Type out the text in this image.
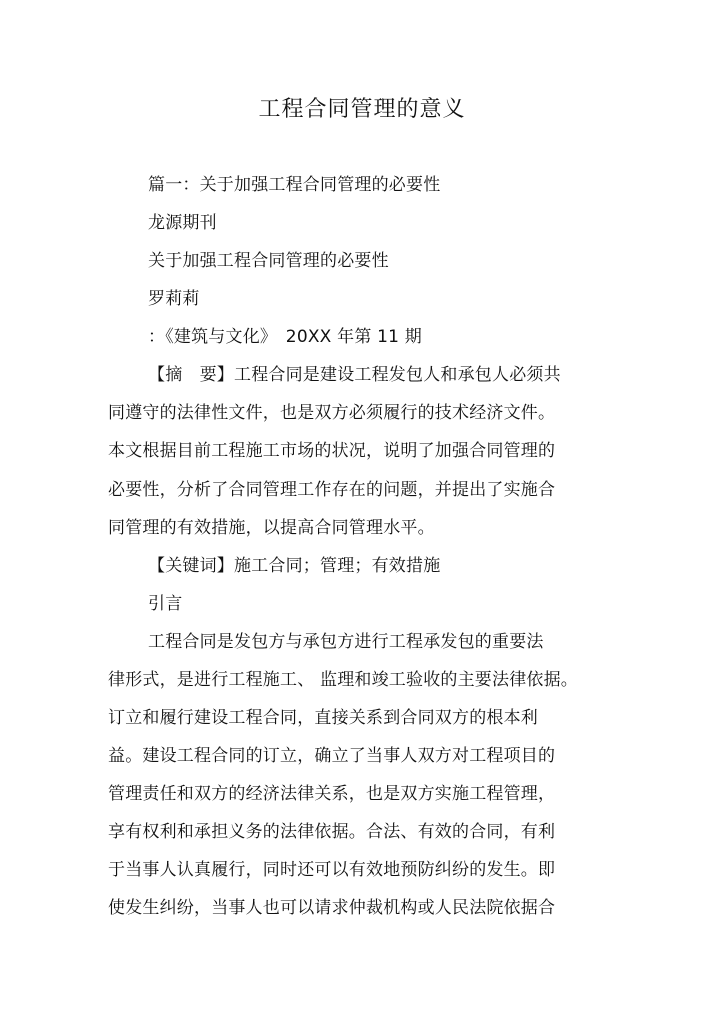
工程合同管理的意义
篇一：关于加强工程合同管理的必要性
龙源期刊
关于加强工程合同管理的必要性
罗莉莉
：《建筑与文化》　20XX 年第 11 期
【摘　要】工程合同是建设工程发包人和承包人必须共
同遵守的法律性文件，也是双方必须履行的技术经济文件。
本文根据目前工程施工市场的状况，说明了加强合同管理的
必要性，分析了合同管理工作存在的问题，并提出了实施合
同管理的有效措施，以提高合同管理水平。
【关键词】施工合同；管理；有效措施
引言
工程合同是发包方与承包方进行工程承发包的重要法
律形式，是进行工程施工、 监理和竣工验收的主要法律依据。
订立和履行建设工程合同，直接关系到合同双方的根本利
益。建设工程合同的订立，确立了当事人双方对工程项目的
管理责任和双方的经济法律关系，也是双方实施工程管理，
享有权利和承担义务的法律依据。合法、有效的合同，有利
于当事人认真履行，同时还可以有效地预防纠纷的发生。即
使发生纠纷，当事人也可以请求仲裁机构或人民法院依据合
